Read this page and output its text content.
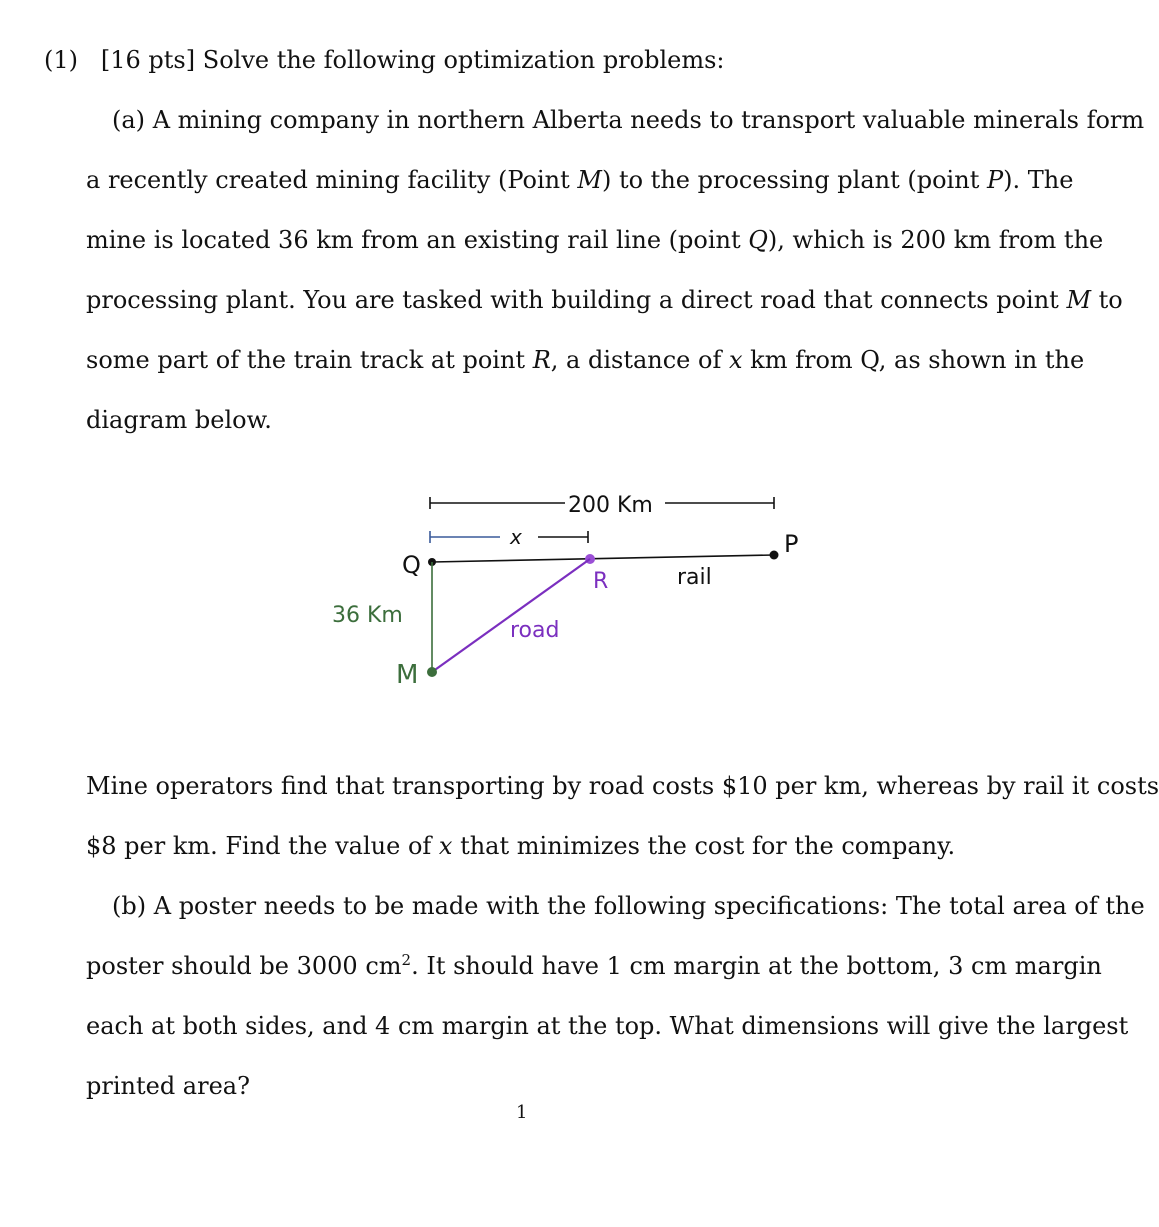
(1) [16 pts] Solve the following optimization problems:
(a) A mining company in northern Alberta needs to transport valuable minerals form
a recently created mining facility (Point M) to the processing plant (point P). The
mine is located 36 km from an existing rail line (point Q), which is 200 km from the
processing plant. You are tasked with building a direct road that connects point M to
some part of the train track at point R, a distance of x km from Q, as shown in the
diagram below.
200 Km
x
Q
P
R	rail
36 Km
road
M
Mine operators find that transporting by road costs $10 per km, whereas by rail it costs
$8 per km. Find the value of x that minimizes the cost for the company.
(b) A poster needs to be made with the following specifications: The total area of the
poster should be 3000 $cm^2$. It should have 1 cm margin at the bottom, 3 cm margin
each at both sides, and 4 cm margin at the top. What dimensions will give the largest
printed area?
1
